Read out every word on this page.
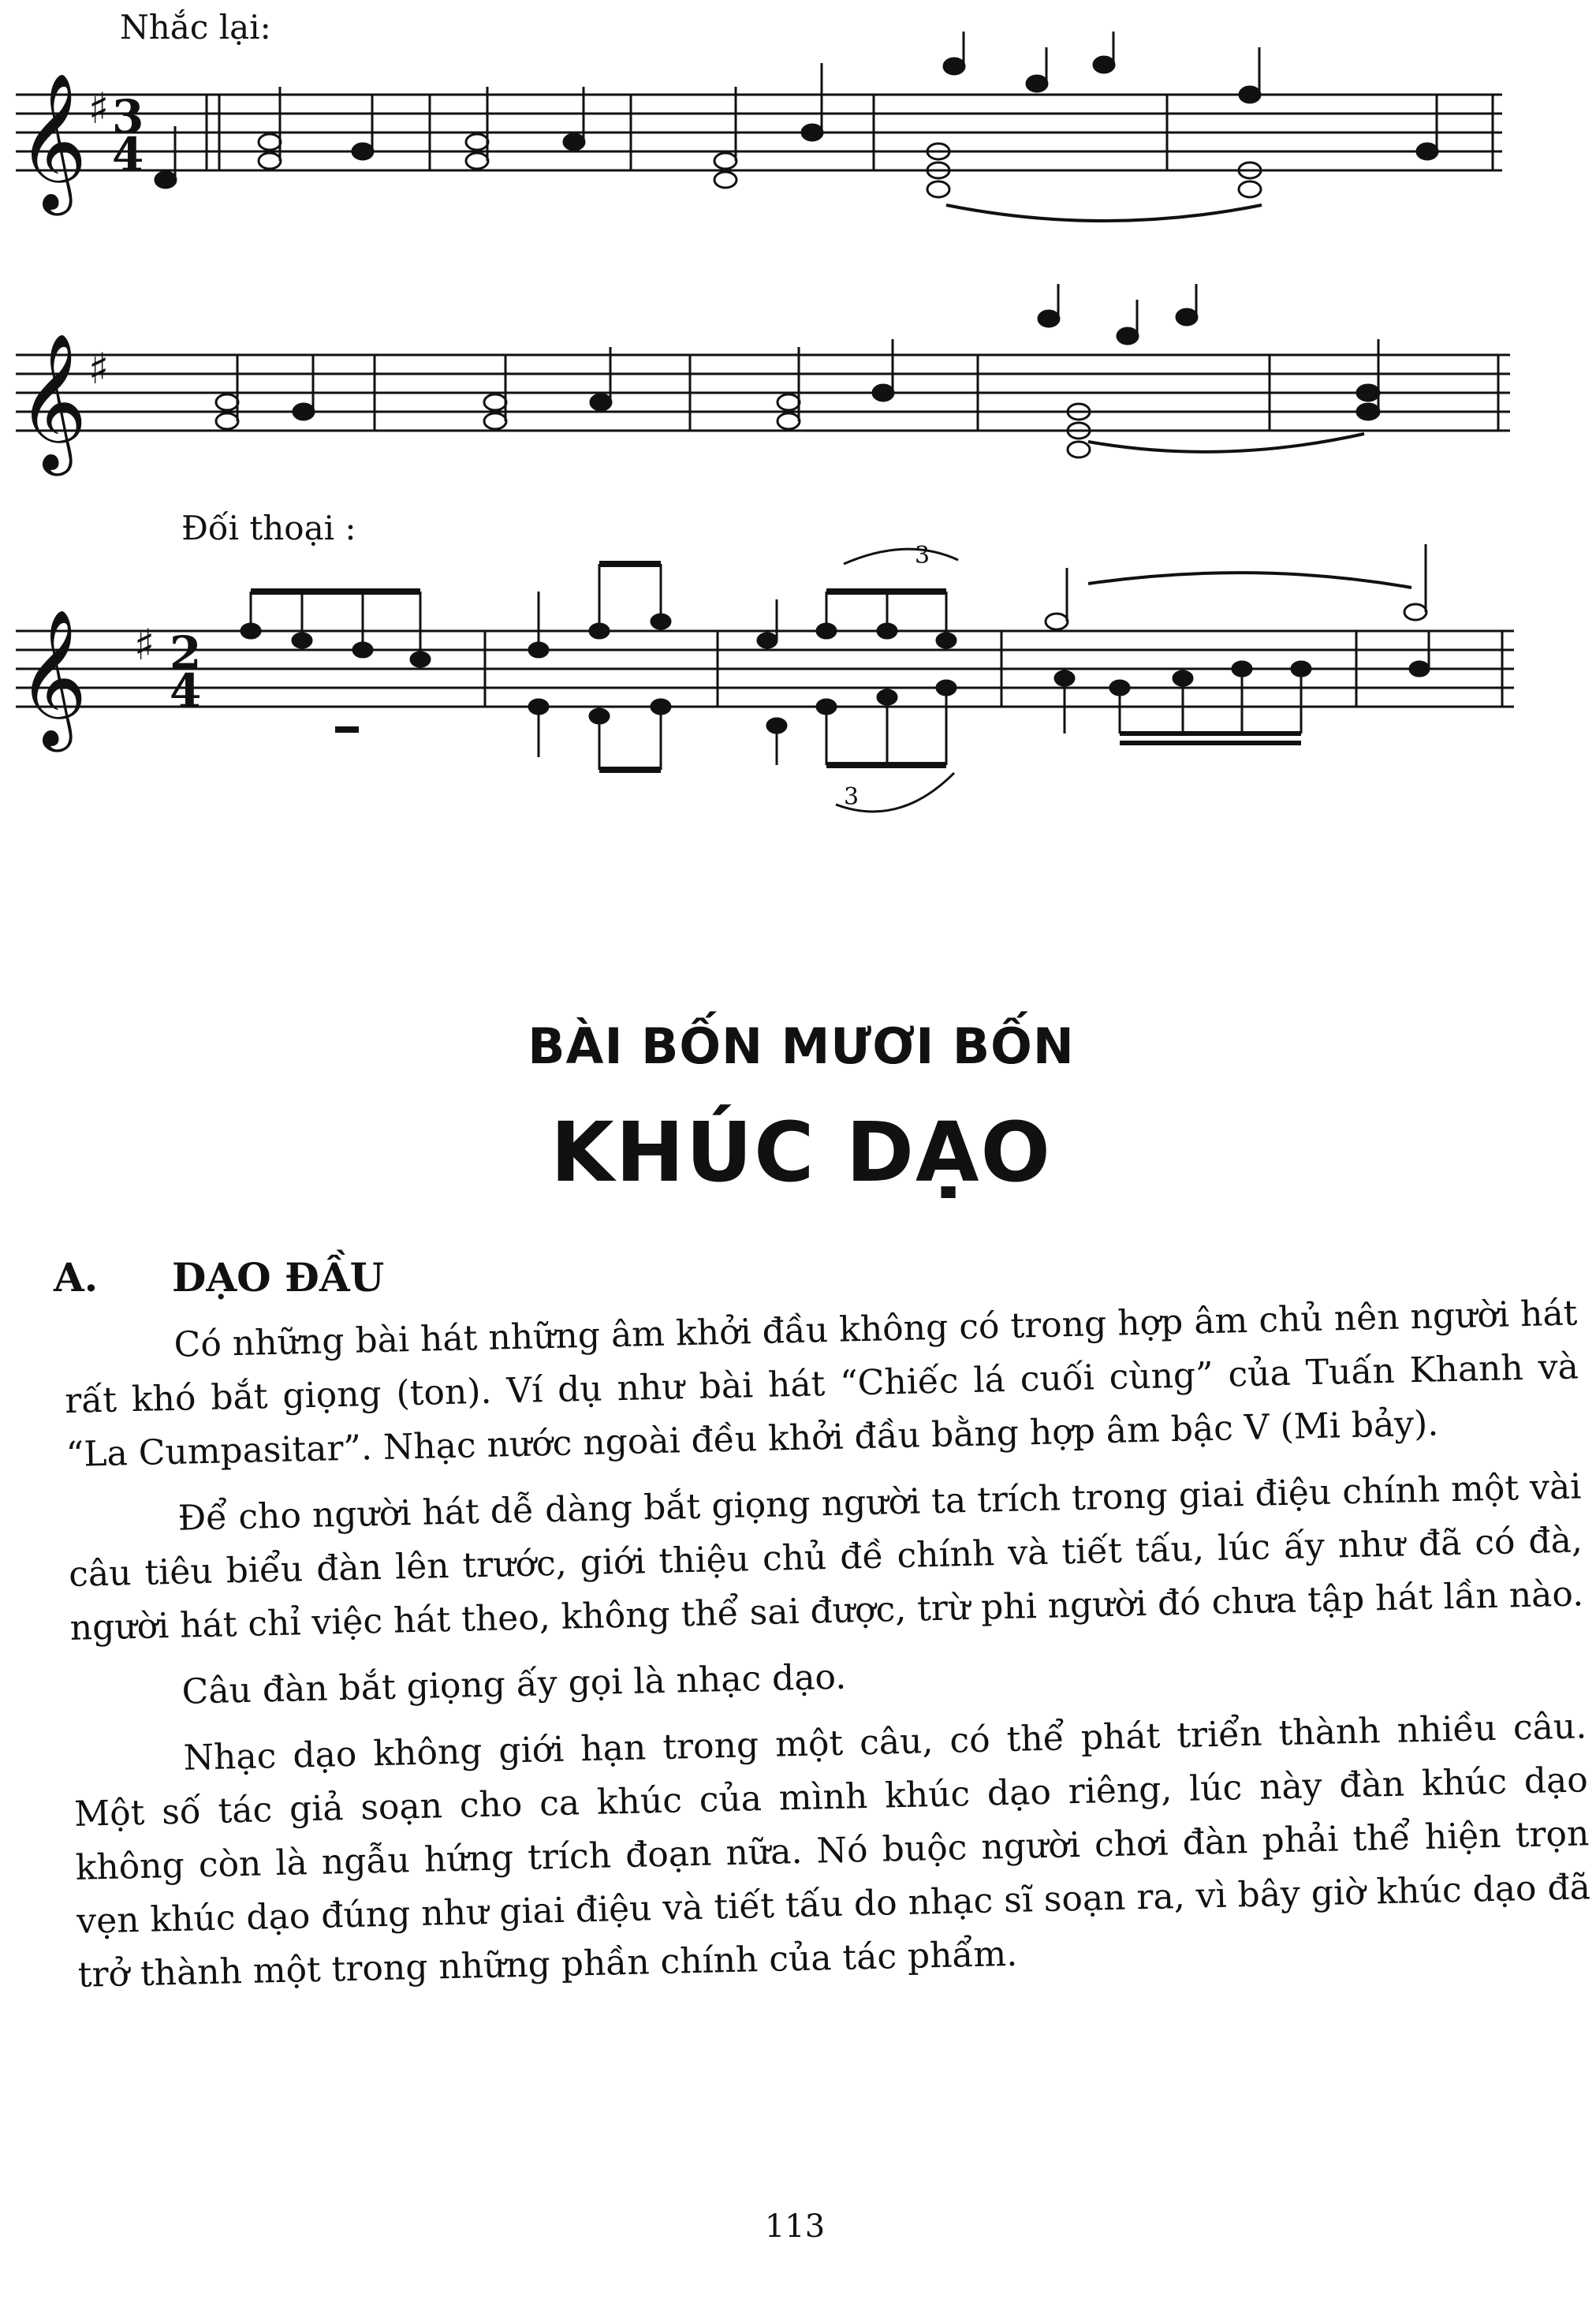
Nhắc lại:
Đối thoại :
𝄞 ♯ 3
4
𝄞 ♯
𝄞 ♯ 2
4
3
3
BÀI BỐN MƯƠI BỐN
KHÚC DẠO
A. DẠO ĐẦU

Có những bài hát những âm khởi đầu không có trong hợp âm chủ nên người hát rất khó bắt giọng (ton). Ví dụ như bài hát “Chiếc lá cuối cùng” của Tuấn Khanh và “La Cumpasitar”. Nhạc nước ngoài đều khởi đầu bằng hợp âm bậc V (Mi bảy).

Để cho người hát dễ dàng bắt giọng người ta trích trong giai điệu chính một vài câu tiêu biểu đàn lên trước, giới thiệu chủ đề chính và tiết tấu, lúc ấy như đã có đà, người hát chỉ việc hát theo, không thể sai được, trừ phi người đó chưa tập hát lần nào.

Câu đàn bắt giọng ấy gọi là nhạc dạo.

Nhạc dạo không giới hạn trong một câu, có thể phát triển thành nhiều câu. Một số tác giả soạn cho ca khúc của mình khúc dạo riêng, lúc này đàn khúc dạo không còn là ngẫu hứng trích đoạn nữa. Nó buộc người chơi đàn phải thể hiện trọn vẹn khúc dạo đúng như giai điệu và tiết tấu do nhạc sĩ soạn ra, vì bây giờ khúc dạo đã trở thành một trong những phần chính của tác phẩm.

113
